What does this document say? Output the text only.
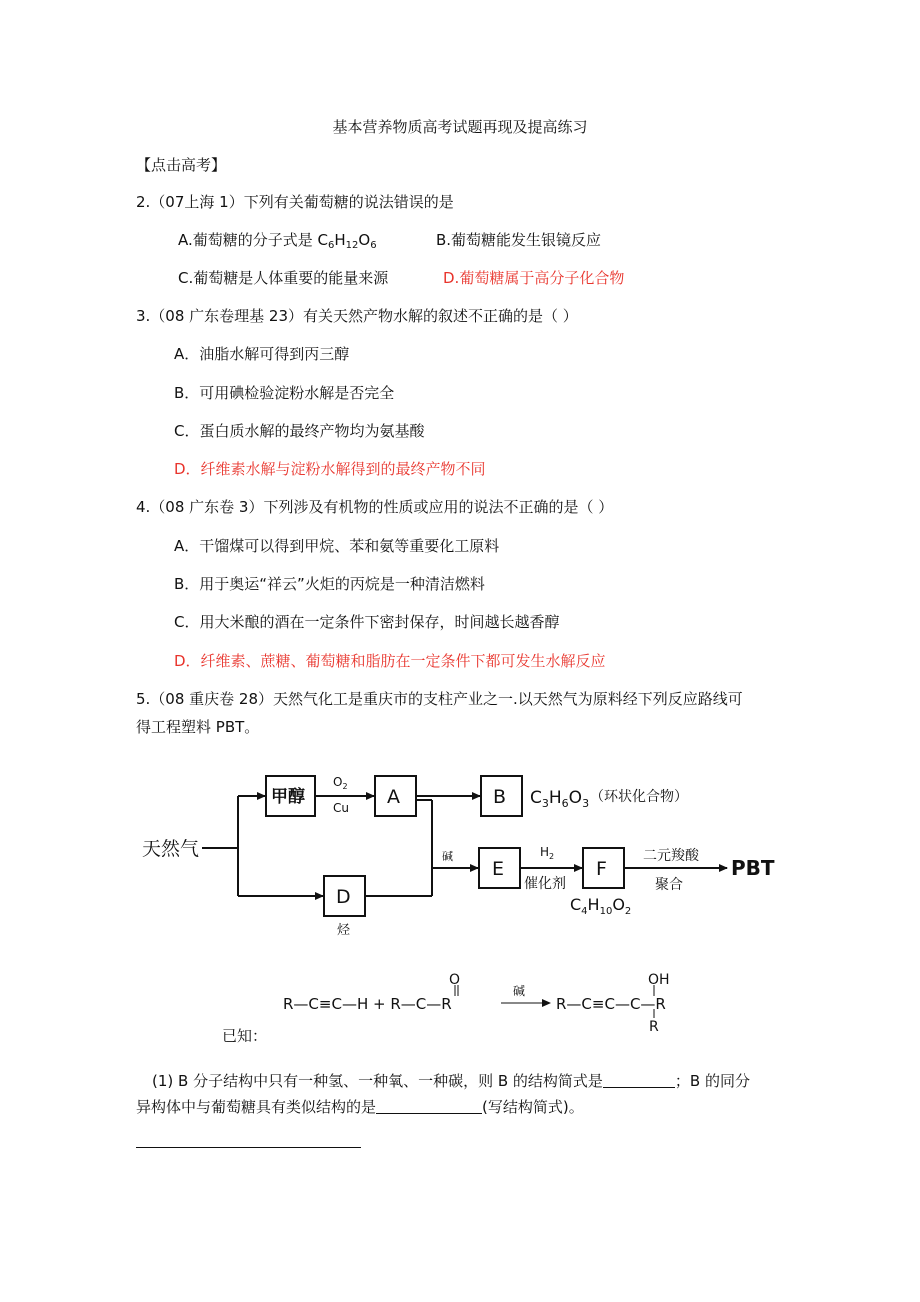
基本营养物质高考试题再现及提高练习
【点击高考】
2.（07上海 1）下列有关葡萄糖的说法错误的是
A.葡萄糖的分子式是 $C_6H_{12}O_6$	B.葡萄糖能发生银镜反应
C.葡萄糖是人体重要的能量来源	D.葡萄糖属于高分子化合物
3.（08 广东卷理基 23）有关天然产物水解的叙述不正确的是（ ）
A．油脂水解可得到丙三醇
B．可用碘检验淀粉水解是否完全
C．蛋白质水解的最终产物均为氨基酸
D．纤维素水解与淀粉水解得到的最终产物不同
4.（08 广东卷 3）下列涉及有机物的性质或应用的说法不正确的是（ ）
A．干馏煤可以得到甲烷、苯和氨等重要化工原料
B．用于奥运“祥云”火炬的丙烷是一种清洁燃料
C．用大米酿的酒在一定条件下密封保存，时间越长越香醇
D．纤维素、蔗糖、葡萄糖和脂肪在一定条件下都可发生水解反应
5.（08 重庆卷 28）天然气化工是重庆市的支柱产业之一.以天然气为原料经下列反应路线可
得工程塑料 PBT。
天然气
甲醇
$O_2$
Cu A	B $C_3H_6O_3$ （环状化合物）
碱
E
$H_2$
催化剂
F
$C_4H_{10}O_2$
二元羧酸
聚合
PBT
D
烃
R—C≡C—H + R—C—R
O
碱
R—C≡C—C—R
OH
R
已知：
(1) B 分子结构中只有一种氢、一种氧、一种碳，则 B 的结构简式是	；B 的同分
异构体中与葡萄糖具有类似结构的是	(写结构简式)。
